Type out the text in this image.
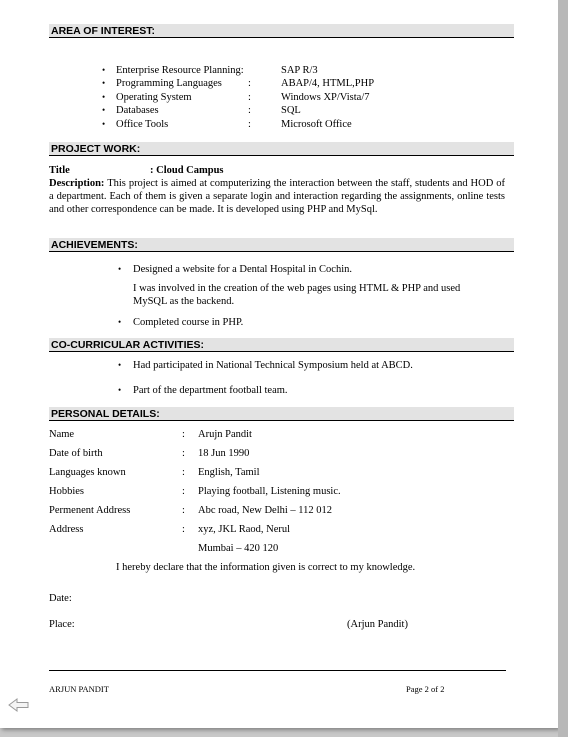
AREA OF INTEREST:
• Enterprise Resource Planning:	SAP R/3
• Programming Languages :	ABAP/4, HTML,PHP
• Operating System	:	Windows XP/Vista/7
• Databases	:	SQL
• Office Tools	:	Microsoft Office
PROJECT WORK:
Title	: Cloud Campus
Description: This project is aimed at computerizing the interaction between the staff, students and HOD of a department. Each of them is given a separate login and interaction regarding the assignments, online tests and other correspondence can be made. It is developed using PHP and MySql.
ACHIEVEMENTS:
• Designed a website for a Dental Hospital in Cochin.
I was involved in the creation of the web pages using HTML & PHP and used
MySQL as the backend.
• Completed course in PHP.
CO-CURRICULAR ACTIVITIES:
• Had participated in National Technical Symposium held at ABCD.
• Part of the department football team.
PERSONAL DETAILS:
Name	: Arujn Pandit
Date of birth	: 18 Jun 1990
Languages known	: English, Tamil
Hobbies	: Playing football, Listening music.
Permenent Address	: Abc road, New Delhi – 112 012
Address	: xyz, JKL Raod, Nerul
Mumbai – 420 120
I hereby declare that the information given is correct to my knowledge.
Date:
Place:	(Arjun Pandit)
ARJUN PANDIT	Page 2 of 2
